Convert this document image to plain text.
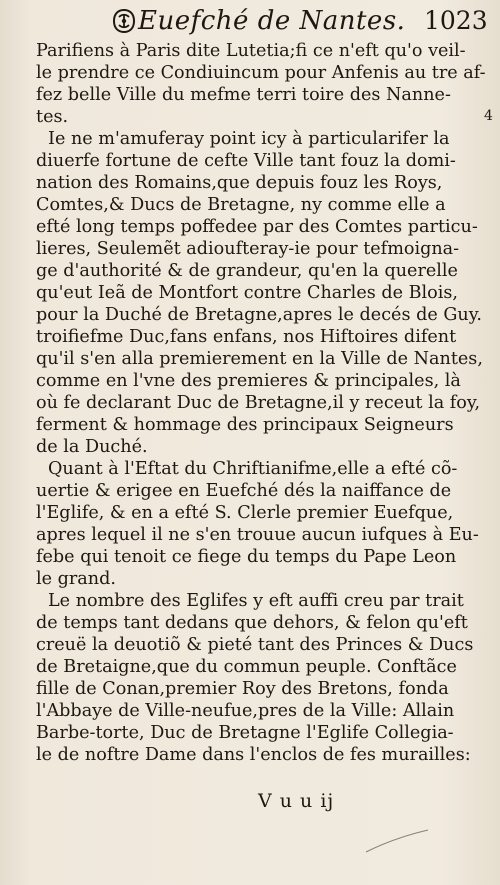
Euefché de Nantes. 1023
4
Parifiens à Paris dite Lutetia;fi ce n'eft qu'o veil-
le prendre ce Condiuincum pour Anfenis au tre af-
fez belle Ville du mefme terri toire des Nanne-
tes.
Ie ne m'amuferay point icy à particularifer la
diuerfe fortune de cefte Ville tant fouz la domi-
nation des Romains,que depuis fouz les Roys,
Comtes,& Ducs de Bretagne, ny comme elle a
efté long temps poffedee par des Comtes particu-
lieres, Seulemẽt adioufteray-ie pour tefmoigna-
ge d'authorité & de grandeur, qu'en la querelle
qu'eut Ieã de Montfort contre Charles de Blois,
pour la Duché de Bretagne,apres le decés de Guy.
troifiefme Duc,fans enfans, nos Hiftoires difent
qu'il s'en alla premierement en la Ville de Nantes,
comme en l'vne des premieres & principales, là
où fe declarant Duc de Bretagne,il y receut la foy,
ferment & hommage des principaux Seigneurs
de la Duché.
Quant à l'Eftat du Chriftianifme,elle a efté cõ-
uertie & erigee en Euefché dés la naiffance de
l'Eglife, & en a efté S. Clerle premier Euefque,
apres lequel il ne s'en trouue aucun iufques à Eu-
febe qui tenoit ce fiege du temps du Pape Leon
le grand.
Le nombre des Eglifes y eft auffi creu par trait
de temps tant dedans que dehors, & felon qu'eft
creuë la deuotiõ & pieté tant des Princes & Ducs
de Bretaigne,que du commun peuple. Conftãce
fille de Conan,premier Roy des Bretons, fonda
l'Abbaye de Ville-neufue,pres de la Ville: Allain
Barbe-torte, Duc de Bretagne l'Eglife Collegia-
le de noftre Dame dans l'enclos de fes murailles:
V u u ij
